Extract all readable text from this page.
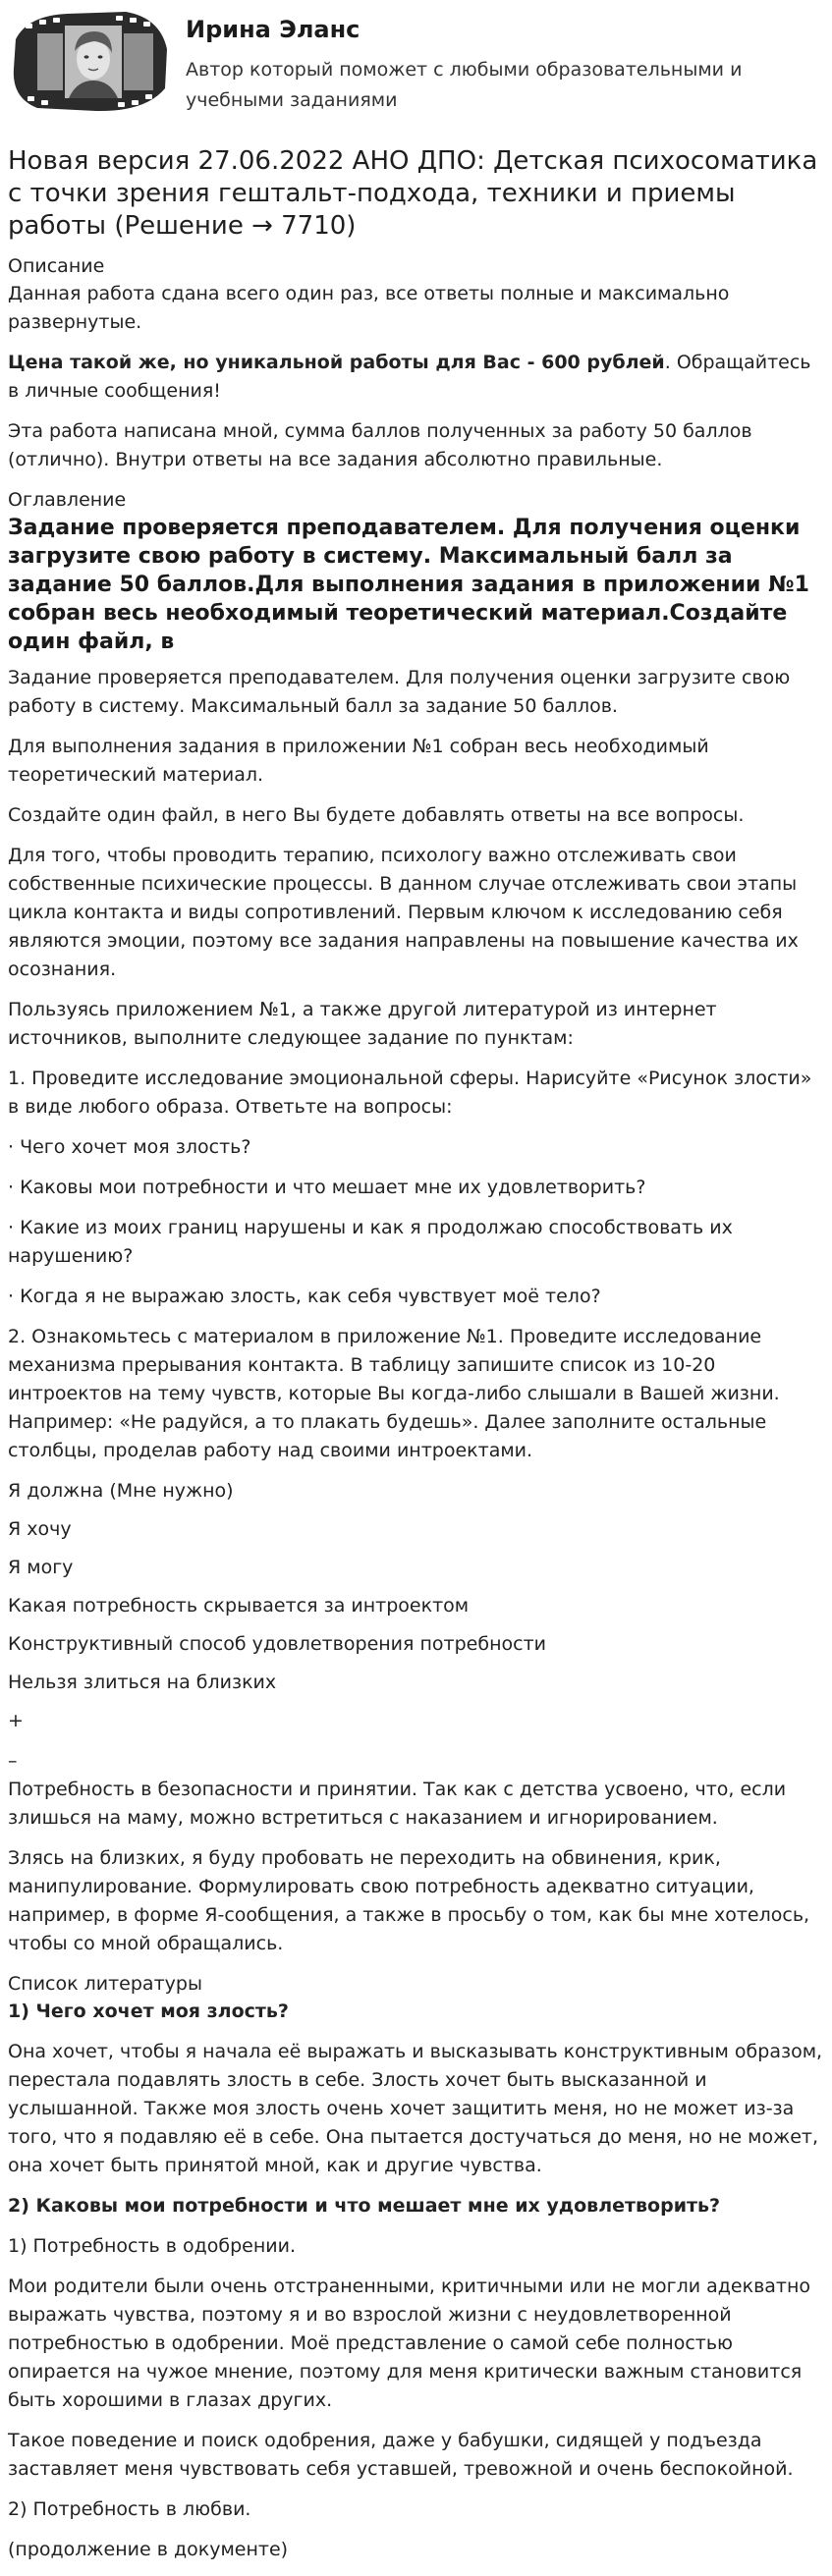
Ирина Эланс
Автор который поможет с любыми образовательными и учебными заданиями
Новая версия 27.06.2022 АНО ДПО: Детская психосоматика с точки зрения гештальт-подхода, техники и приемы работы (Решение → 7710)
Описание

Данная работа сдана всего один раз, все ответы полные и максимально развернутые.

Цена такой же, но уникальной работы для Вас - 600 рублей. Обращайтесь в личные сообщения!

Эта работа написана мной, сумма баллов полученных за работу 50 баллов (отлично). Внутри ответы на все задания абсолютно правильные.

Оглавление
Задание проверяется преподавателем. Для получения оценки загрузите свою работу в систему. Максимальный балл за задание 50 баллов.Для выполнения задания в приложении №1 собран весь необходимый теоретический материал.Создайте один файл, в

Задание проверяется преподавателем. Для получения оценки загрузите свою работу в систему. Максимальный балл за задание 50 баллов.

Для выполнения задания в приложении №1 собран весь необходимый теоретический материал.

Создайте один файл, в него Вы будете добавлять ответы на все вопросы.

Для того, чтобы проводить терапию, психологу важно отслеживать свои собственные психические процессы. В данном случае отслеживать свои этапы цикла контакта и виды сопротивлений. Первым ключом к исследованию себя являются эмоции, поэтому все задания направлены на повышение качества их осознания.

Пользуясь приложением №1, а также другой литературой из интернет источников, выполните следующее задание по пунктам:

1. Проведите исследование эмоциональной сферы. Нарисуйте «Рисунок злости» в виде любого образа. Ответьте на вопросы:

· Чего хочет моя злость?

· Каковы мои потребности и что мешает мне их удовлетворить?

· Какие из моих границ нарушены и как я продолжаю способствовать их нарушению?

· Когда я не выражаю злость, как себя чувствует моё тело?

2. Ознакомьтесь с материалом в приложение №1. Проведите исследование механизма прерывания контакта. В таблицу запишите список из 10-20 интроектов на тему чувств, которые Вы когда-либо слышали в Вашей жизни. Например: «Не радуйся, а то плакать будешь». Далее заполните остальные столбцы, проделав работу над своими интроектами.

Я должна (Мне нужно)

Я хочу

Я могу

Какая потребность скрывается за интроектом

Конструктивный способ удовлетворения потребности

Нельзя злиться на близких

+
–

Потребность в безопасности и принятии. Так как с детства усвоено, что, если злишься на маму, можно встретиться с наказанием и игнорированием.

Злясь на близких, я буду пробовать не переходить на обвинения, крик, манипулирование. Формулировать свою потребность адекватно ситуации, например, в форме Я-сообщения, а также в просьбу о том, как бы мне хотелось, чтобы со мной обращались.

Список литературы

1) Чего хочет моя злость?

Она хочет, чтобы я начала её выражать и высказывать конструктивным образом, перестала подавлять злость в себе. Злость хочет быть высказанной и услышанной. Также моя злость очень хочет защитить меня, но не может из-за того, что я подавляю её в себе. Она пытается достучаться до меня, но не может, она хочет быть принятой мной, как и другие чувства.

2) Каковы мои потребности и что мешает мне их удовлетворить?

1) Потребность в одобрении.

Мои родители были очень отстраненными, критичными или не могли адекватно выражать чувства, поэтому я и во взрослой жизни с неудовлетворенной потребностью в одобрении. Моё представление о самой себе полностью опирается на чужое мнение, поэтому для меня критически важным становится быть хорошими в глазах других.

Такое поведение и поиск одобрения, даже у бабушки, сидящей у подъезда заставляет меня чувствовать себя уставшей, тревожной и очень беспокойной.

2) Потребность в любви.

(продолжение в документе)
